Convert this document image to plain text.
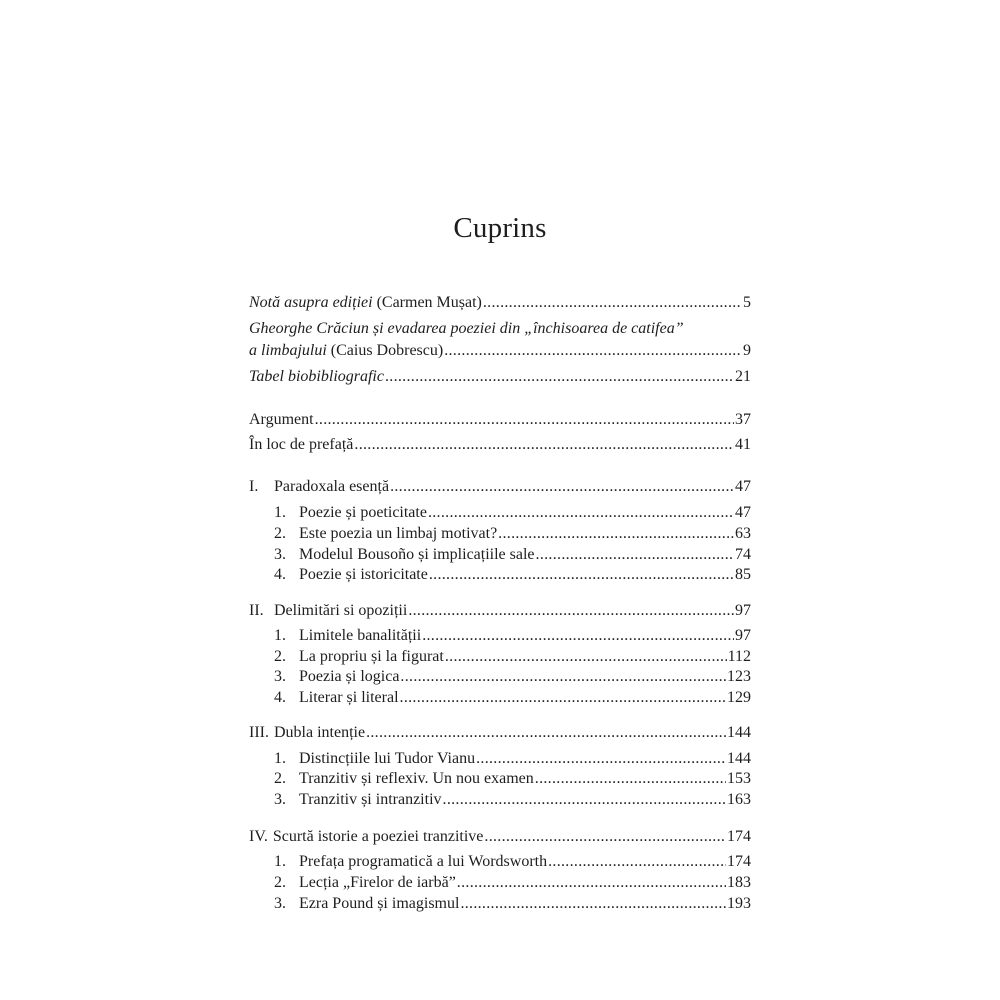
Cuprins
Notă asupra ediției (Carmen Mușat) .....	5
Gheorghe Crăciun și evadarea poeziei din „închisoarea de catifea”
a limbajului (Caius Dobrescu) .....	9
Tabel biobibliografic .....	21
Argument .....	37
În loc de prefață .....	41
I. Paradoxala esență .....	47
1. Poezie și poeticitate .....	47
2. Este poezia un limbaj motivat? .....	63
3. Modelul Bousoño și implicațiile sale .....	74
4. Poezie și istoricitate .....	85
II. Delimitări si opoziții .....	97
1. Limitele banalității .....	97
2. La propriu și la figurat .....	112
3. Poezia și logica .....	123
4. Literar și literal .....	129
III. Dubla intenție .....	144
1. Distincțiile lui Tudor Vianu .....	144
2. Tranzitiv și reflexiv. Un nou examen .....	153
3. Tranzitiv și intranzitiv .....	163
IV. Scurtă istorie a poeziei tranzitive .....	174
1. Prefața programatică a lui Wordsworth .....	174
2. Lecția „Firelor de iarbă” .....	183
3. Ezra Pound și imagismul .....	193
